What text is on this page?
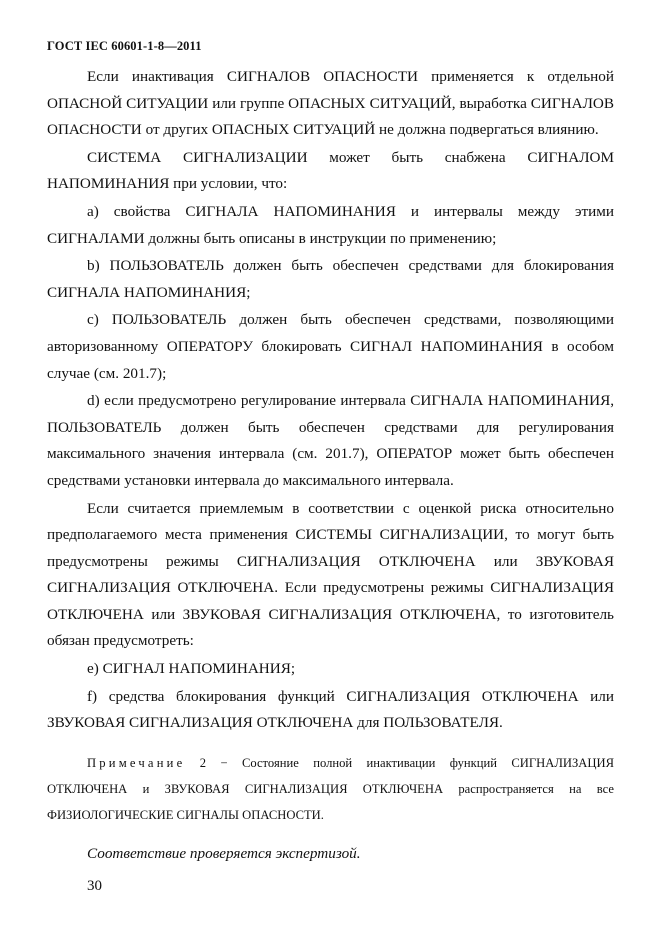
ГОСТ IEC 60601-1-8—2011

Если инактивация СИГНАЛОВ ОПАСНОСТИ применяется к отдельной ОПАСНОЙ СИТУАЦИИ или группе ОПАСНЫХ СИТУАЦИЙ, выработка СИГНАЛОВ ОПАСНОСТИ от других ОПАСНЫХ СИТУАЦИЙ не должна подвергаться влиянию.

СИСТЕМА СИГНАЛИЗАЦИИ может быть снабжена СИГНАЛОМ НАПОМИНАНИЯ при условии, что:

а) свойства СИГНАЛА НАПОМИНАНИЯ и интервалы между этими СИГНАЛАМИ должны быть описаны в инструкции по применению;

b) ПОЛЬЗОВАТЕЛЬ должен быть обеспечен средствами для блокирования СИГНАЛА НАПОМИНАНИЯ;

с) ПОЛЬЗОВАТЕЛЬ должен быть обеспечен средствами, позволяющими авторизованному ОПЕРАТОРУ блокировать СИГНАЛ НАПОМИНАНИЯ в особом случае (см. 201.7);

d) если предусмотрено регулирование интервала СИГНАЛА НАПОМИНАНИЯ, ПОЛЬЗОВАТЕЛЬ должен быть обеспечен средствами для регулирования максимального значения интервала (см. 201.7), ОПЕРАТОР может быть обеспечен средствами установки интервала до максимального интервала.

Если считается приемлемым в соответствии с оценкой риска относительно предполагаемого места применения СИСТЕМЫ СИГНАЛИЗАЦИИ, то могут быть предусмотрены режимы СИГНАЛИЗАЦИЯ ОТКЛЮЧЕНА или ЗВУКОВАЯ СИГНАЛИЗАЦИЯ ОТКЛЮЧЕНА. Если предусмотрены режимы СИГНАЛИЗАЦИЯ ОТКЛЮЧЕНА или ЗВУКОВАЯ СИГНАЛИЗАЦИЯ ОТКЛЮЧЕНА, то изготовитель обязан предусмотреть:

е) СИГНАЛ НАПОМИНАНИЯ;

f) средства блокирования функций СИГНАЛИЗАЦИЯ ОТКЛЮЧЕНА или ЗВУКОВАЯ СИГНАЛИЗАЦИЯ ОТКЛЮЧЕНА для ПОЛЬЗОВАТЕЛЯ.

Примечание 2 − Состояние полной инактивации функций СИГНАЛИЗАЦИЯ ОТКЛЮЧЕНА и ЗВУКОВАЯ СИГНАЛИЗАЦИЯ ОТКЛЮЧЕНА распространяется на все ФИЗИОЛОГИЧЕСКИЕ СИГНАЛЫ ОПАСНОСТИ.

Соответствие проверяется экспертизой.

30
